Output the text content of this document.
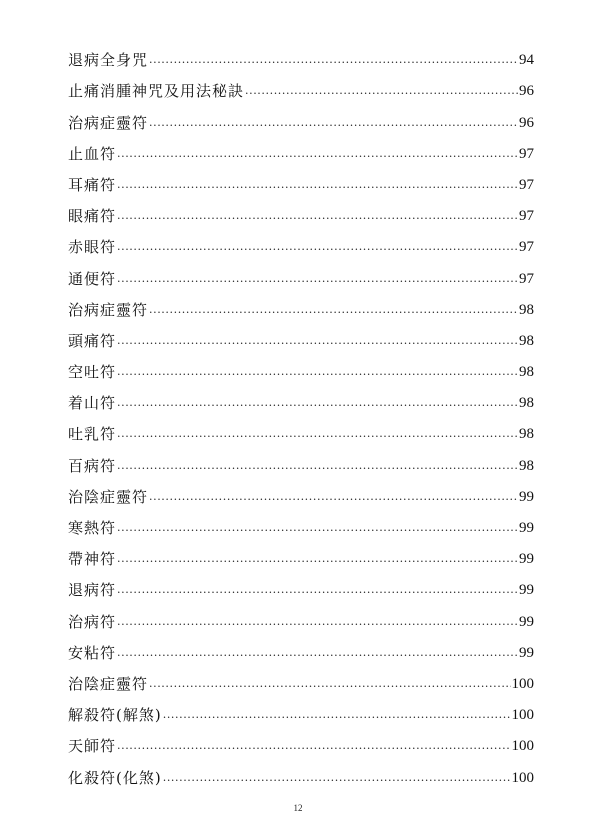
退病全身咒 .....	94
止痛消腫神咒及用法秘訣 .....	96
治病症靈符 .....	96
止血符 .....	97
耳痛符 .....	97
眼痛符 .....	97
赤眼符 .....	97
通便符 .....	97
治病症靈符 .....	98
頭痛符 .....	98
空吐符 .....	98
着山符 .....	98
吐乳符 .....	98
百病符 .....	98
治陰症靈符 .....	99
寒熱符 .....	99
帶神符 .....	99
退病符 .....	99
治病符 .....	99
安粘符 .....	99
治陰症靈符 .....	100
解殺符(解煞) .....	100
天師符 .....	100
化殺符(化煞) .....	100
12
